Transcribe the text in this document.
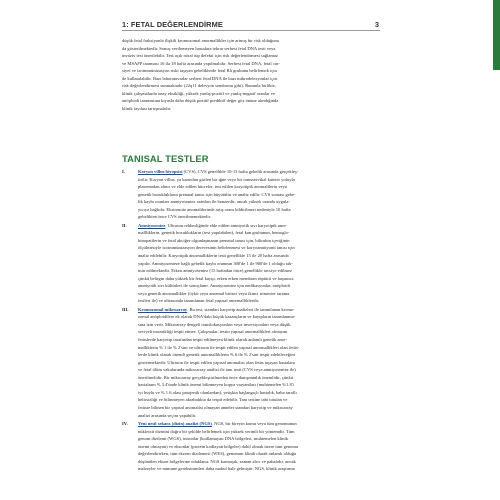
1: FETAL DEĞERLENDİRME	3
düşük fetal fraksiyonla ilişkili kromozomal anormallikler için artmış bir risk olduğuna
da gösterilmektedir. Sonuç verilemeyen hastalara tekrar serbest fetal DNA testi veya
invaziv test önerilebilir. Test açık nöral tüp defekti için risk değerlendirmesi sağlamaz
ve MSAFP taraması 16 ila 18 hafta arasında yapılmalıdır. Serbest fetal DNA, fetal cin-
siyet ve izoimmünizasyon riski taşıyan gebeliklerde fetal Rh grubunu belirlemek için
de kullanılabilir. Bazı laboratuvarlar serbest fetal DNA ile bazı mikrodelesyonlar için
risk değerlendirmesi sunmaktadır (22q11 delesyon sendromu gibi). Bununla birlikte,
klinik çalışmalarda onay eksikliği, yüksek yanlış-pozitif ve yanlış-negatif oranlar ve
anöploidi taramasına kıyasla daha düşük pozitif prediktif değer göz önüne alındığında
klinik faydası tartışmalıdır.
TANISAL TESTLER
I.	Koryon villus biyopsisi (CVS). CVS genellikle 10-13 hafta gebelik arasında gerçekleş-
tirilir. Koryon villus, ya karından girilen bir iğne veya bir transservikal kateter yoluyla
plasentadan alınır ve elde edilen hücreler, test edilen karyotipik anomalilerin veya
genetik bozuklukların prenatal tanısı için büyütülür ve analiz edilir. CVS sonrası gebe-
lik kaybı oranları amniyosentez oranları ile benzerdir, ancak yüksek oranda uygula-
yıcıya bağlıdır. Ekstremite anomalilerinde artış oranı bildirilmeri nedeniyle 10 hafta
gebelikten önce CVS önerilmemektedir.
II. Amniyosentez. Ultrason rehberliğinde elde edilen amniyotik sıvı karyotipik anor-
mallliklerin, genetik bozuklukların (test yapılabilen), fetal kan grubunun, hemoglo-
binopatilerin ve fetal akciğer olgunlaşmanın prenatal tanısı için, bilirubin içeriğinin
ölçülmesiyle izoimmünizasyon derecesinin belirlenmesi ve koryoamniyonit tanısı için
analiz edilebilir. Karyotipik anormalliklerin testi genellikle 15 ile 20 hafta arasında
yapılır. Amniyosenteze bağlı gebelik kaybı oranının 300'de 1 ile 900'de 1 olduğu tah-
min edilmektedir. Erken amniyosentez (15 haftadan önce) genellikle tavsiye edilmez
çünkü belirgin daha yüksek bir fetal kayıp, erken erken membran rüptürü ve başarısız
amniyotik sıvı kültürleri ile sonuçlanır. Amniyosentez için endikasyonlar, anöploidi
veya genetik anormallikler (öykü veya anormal birinci veya ikinci trimester tarama
testleri ile) ve ultrasonda tanımlanan fetal yapısal anormalliklerdir.
III. Kromozomal mikroarray. Bu test, standart karyotip analizleri ile tanımlanan kromo-
zomal anöploidilere ek olarak DNA'daki küçük kazançların ve kayıpların tanımlanma-
sına izin verir. Mikroarray dengeli translokasyonları veya inversiyonları veya düşük
seviyeli mozaikliği tespit etmez. Çalışmalar, testin yapısal anormallikleri olmayan
fetüslerde karyotip tarafından tespit edilmeyen klinik olarak anlamlı genetik anor-
malliklerin % 1 ile % 2'sini ve ultrason ile tespit edilen yapısal anormallikleri olan fetüs-
lerde klinik olarak önemli genetik anormalliklerin % 6 ile % 2'sini tespit edebileceğini
göstermektedir. Ultrason ile tespit edilen yapısal anomalisi olan fetüs taşıyan hastalara
ve fetal ölüm vakalarında mikroarray analizi ile tanı testi (CVS veya amniyosentez ile)
önerilmelidir. Bir mikroarray gerçekleştirilmeden önce danışmanlık önemlidir, çünkü
hastaların % 3.4'ünde klinik önemi bilinmeyen kopya varyantları (muhtemelen %1.8'i
iyi huylu ve % 1.6 olası patojenik olanlardan), yetişkin başlangıçlı hastalık, baba taraflı
belirsizliği ve bilinmeyen akrabalıkta da tespit edebilir. Tanı testine tabi tutulan ve
fetüste bilinen bir yapısal anomalisi olmayan anneler standart karyotip ve mikroarray
analizi arasında seçim yapabilir.
IV. Yeni nesil sekans (dizin) analizi (NGS). NGS, bir bireyin kumu veya tüm genomunun
nükleotit dizinini doğru bir şekilde belirlemek için yüksek verimli bir yöntemdir. Tüm
genom dizilemi (WGS), intronlar (kodlamayan DNA bölgeleri, muhtemelen klinik
önemi olmayan) ve eksonlar (protein kodlayan bölgeler) dahil olmak üzere tüm genomu
değerlendirirken, tüm ekzom dizilemesi (WES), genomun klinik olarak anlamlı olduğu
düşünülen ekson bölgelerine odaklanır. NGS karmaşık, zaman alıcı ve pahalıdır, ancak
malzeyler ve numune gereksinimleri daha makul hale gelmiştir. NGS, klinik araştırma
